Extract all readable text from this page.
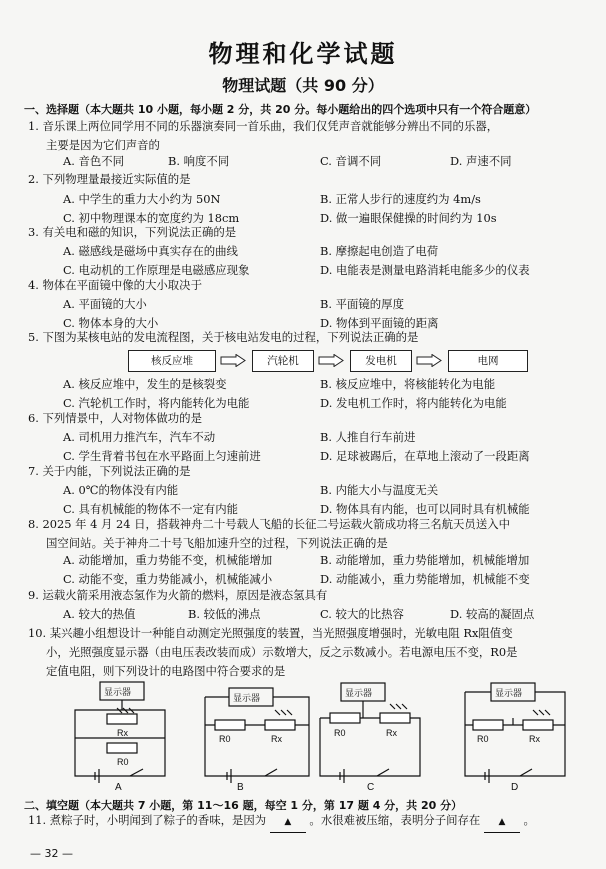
物理和化学试题
物理试题（共 90 分）
一、选择题（本大题共 10 小题，每小题 2 分，共 20 分。每小题给出的四个选项中只有一个符合题意）
1. 音乐课上两位同学用不同的乐器演奏同一首乐曲，我们仅凭声音就能够分辨出不同的乐器，
主要是因为它们声音的
A. 音色不同	B. 响度不同	C. 音调不同	D. 声速不同
2. 下列物理量最接近实际值的是
A. 中学生的重力大小约为 50N	B. 正常人步行的速度约为 4m/s
C. 初中物理课本的宽度约为 18cm	D. 做一遍眼保健操的时间约为 10s
3. 有关电和磁的知识，下列说法正确的是
A. 磁感线是磁场中真实存在的曲线	B. 摩擦起电创造了电荷
C. 电动机的工作原理是电磁感应现象	D. 电能表是测量电路消耗电能多少的仪表
4. 物体在平面镜中像的大小取决于
A. 平面镜的大小	B. 平面镜的厚度
C. 物体本身的大小	D. 物体到平面镜的距离
5. 下图为某核电站的发电流程图，关于核电站发电的过程，下列说法正确的是
核反应堆	汽轮机	发电机	电网
A. 核反应堆中，发生的是核裂变	B. 核反应堆中，将核能转化为电能
C. 汽轮机工作时，将内能转化为电能	D. 发电机工作时，将内能转化为电能
6. 下列情景中，人对物体做功的是
A. 司机用力推汽车，汽车不动	B. 人推自行车前进
C. 学生背着书包在水平路面上匀速前进	D. 足球被踢后，在草地上滚动了一段距离
7. 关于内能，下列说法正确的是
A. 0℃的物体没有内能	B. 内能大小与温度无关
C. 具有机械能的物体不一定有内能	D. 物体具有内能，也可以同时具有机械能
8. 2025 年 4 月 24 日，搭载神舟二十号载人飞船的长征二号运载火箭成功将三名航天员送入中
国空间站。关于神舟二十号飞船加速升空的过程，下列说法正确的是
A. 动能增加，重力势能不变，机械能增加	B. 动能增加，重力势能增加，机械能增加
C. 动能不变，重力势能减小，机械能减小	D. 动能减小，重力势能增加，机械能不变
9. 运载火箭采用液态氢作为火箭的燃料，原因是液态氢具有
A. 较大的热值	B. 较低的沸点	C. 较大的比热容	D. 较高的凝固点
10. 某兴趣小组想设计一种能自动测定光照强度的装置，当光照强度增强时，光敏电阻 Rx阻值变
小，光照强度显示器（由电压表改装而成）示数增大，反之示数减小。若电源电压不变，R0是
定值电阻，则下列设计的电路图中符合要求的是
显示器
显示器	显示器	显示器
Rx
R0
R0	Rx
R0	Rx
R0	Rx
A	B	C	D
二、填空题（本大题共 7 小题，第 11～16 题，每空 1 分，第 17 题 4 分，共 20 分）
11. 煮粽子时，小明闻到了粽子的香味，是因为 ▲ 。水很难被压缩，表明分子间存在 ▲ 。
— 32 —
